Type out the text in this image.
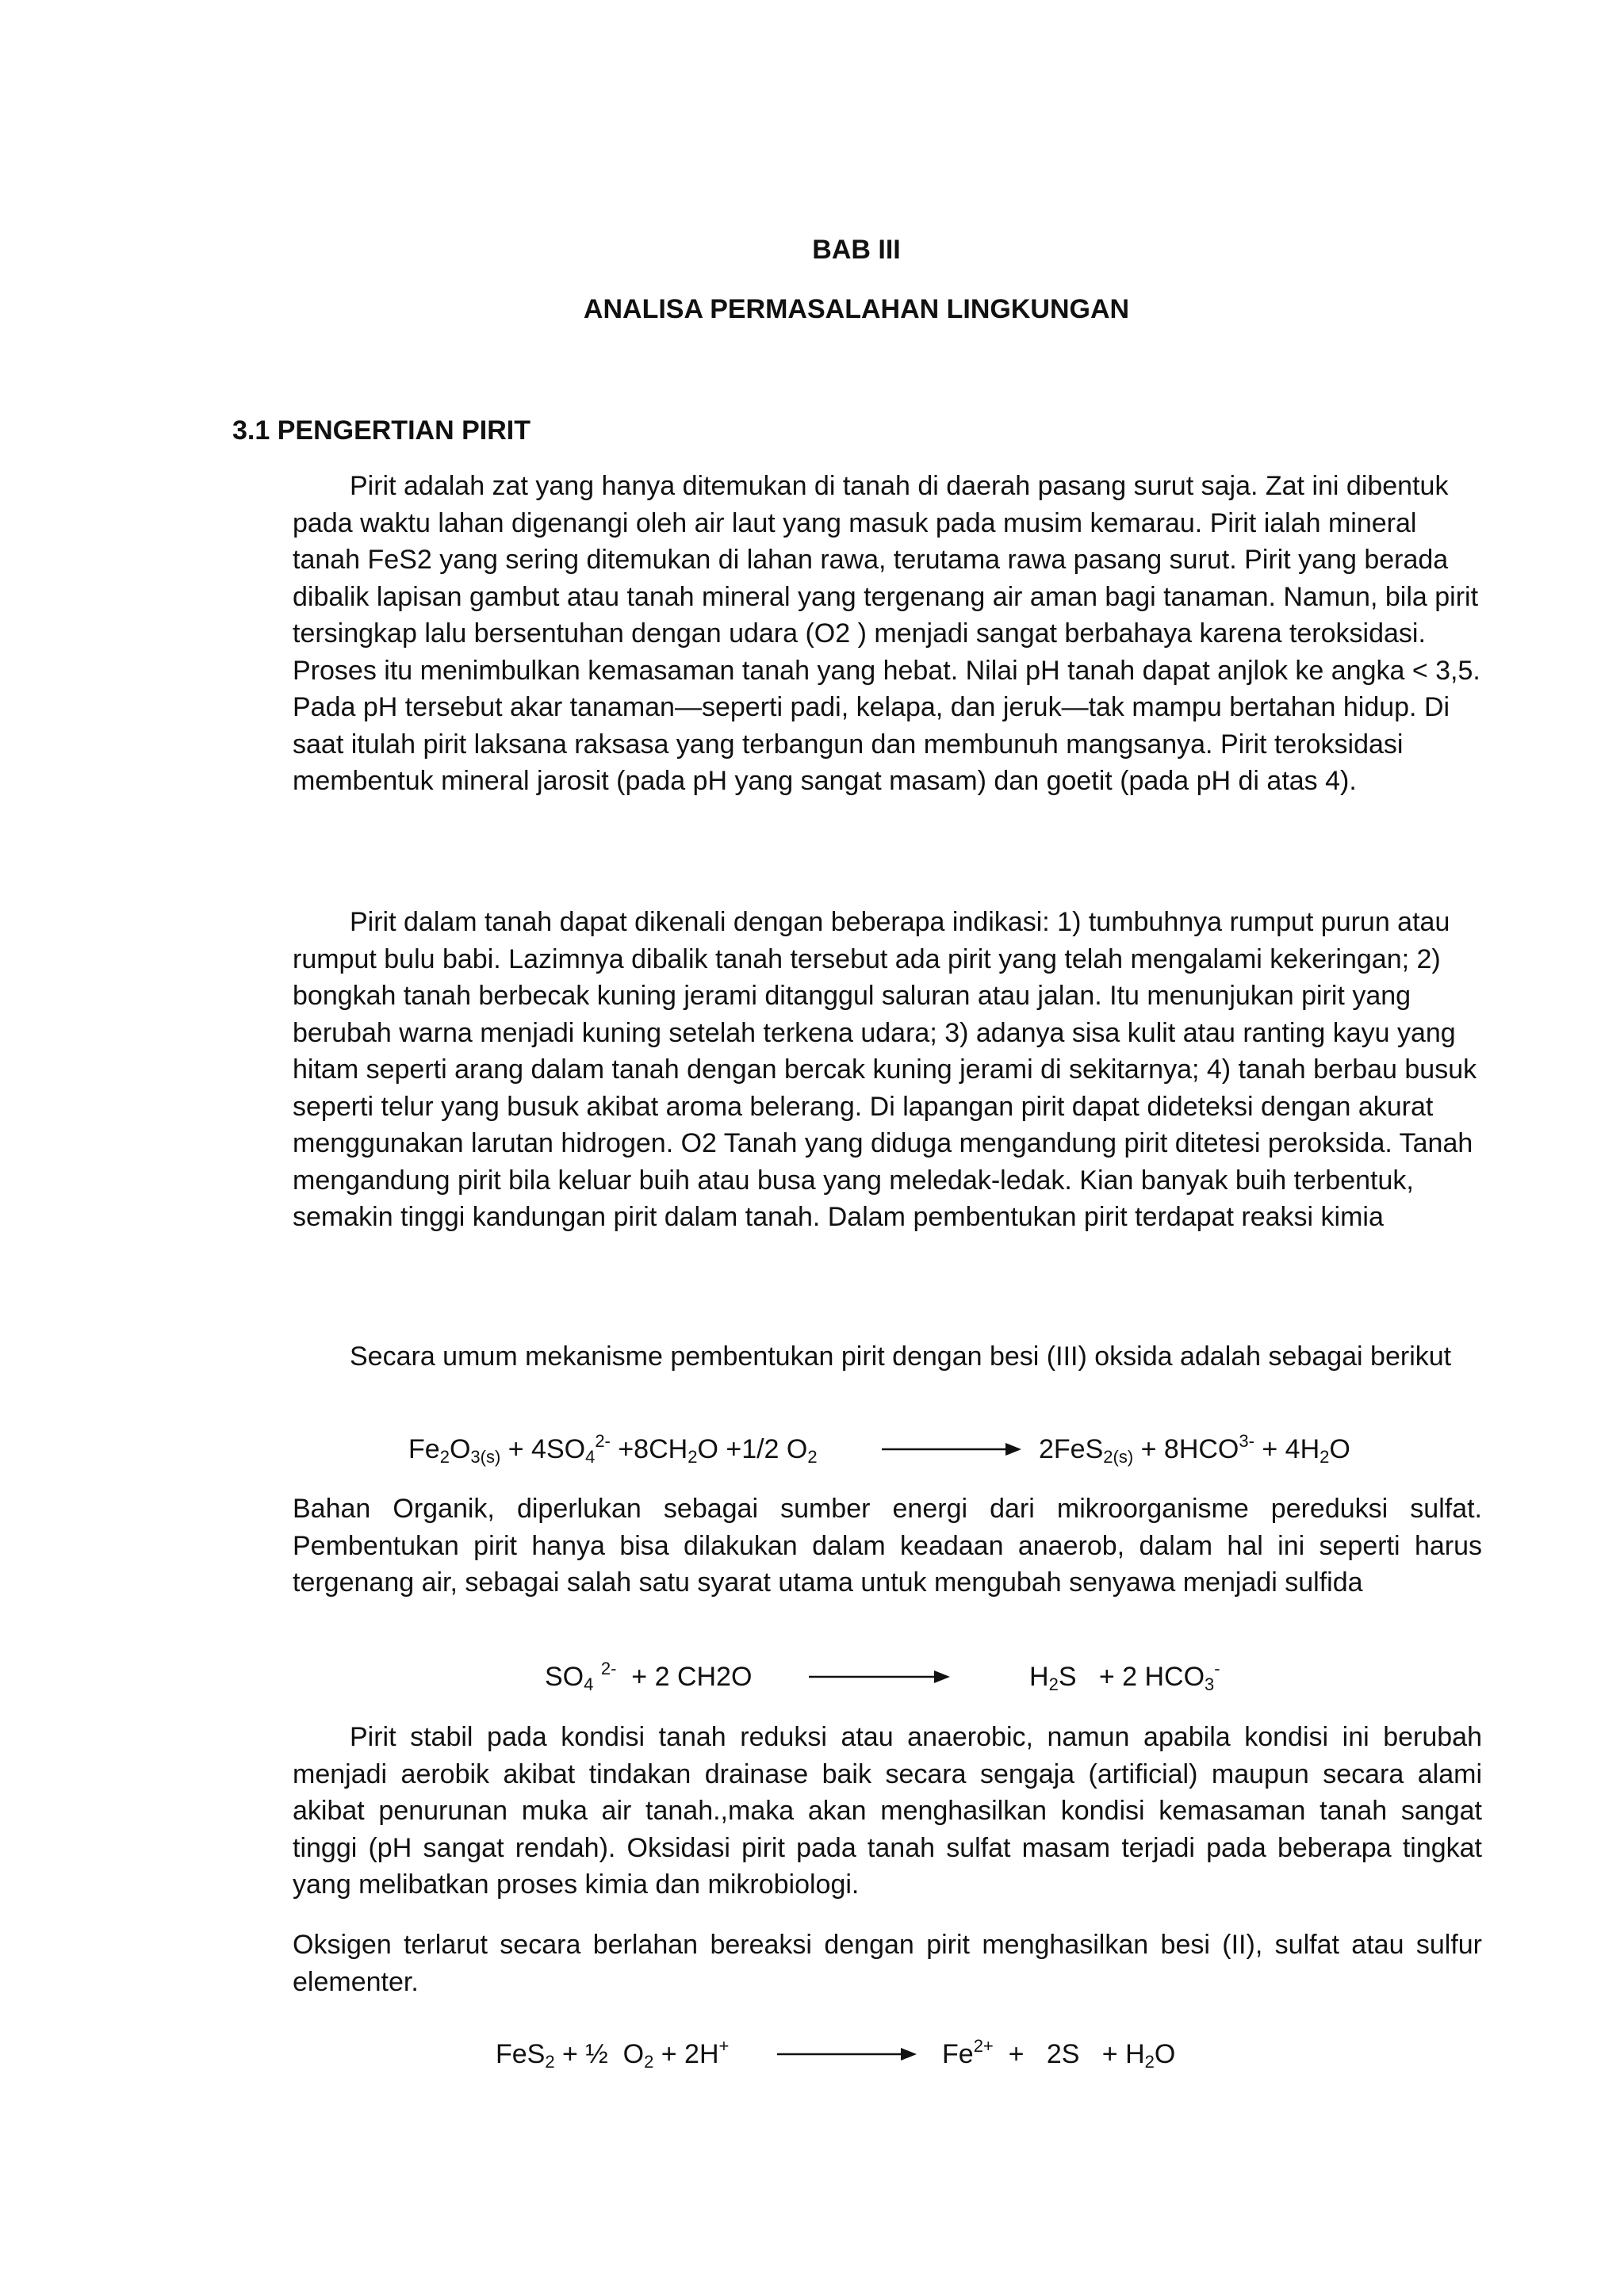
BAB III
ANALISA PERMASALAHAN LINGKUNGAN
3.1 PENGERTIAN PIRIT

Pirit adalah zat yang hanya ditemukan di tanah di daerah pasang surut saja. Zat ini dibentuk pada waktu lahan digenangi oleh air laut yang masuk pada musim kemarau. Pirit ialah mineral tanah FeS2 yang sering ditemukan di lahan rawa, terutama rawa pasang surut. Pirit yang berada dibalik lapisan gambut atau tanah mineral yang tergenang air aman bagi tanaman. Namun, bila pirit tersingkap lalu bersentuhan dengan udara (O2 ) menjadi sangat berbahaya karena teroksidasi. Proses itu menimbulkan kemasaman tanah yang hebat. Nilai pH tanah dapat anjlok ke angka < 3,5. Pada pH tersebut akar tanaman—seperti padi, kelapa, dan jeruk—tak mampu bertahan hidup. Di saat itulah pirit laksana raksasa yang terbangun dan membunuh mangsanya. Pirit teroksidasi membentuk mineral jarosit (pada pH yang sangat masam) dan goetit (pada pH di atas 4).

Pirit dalam tanah dapat dikenali dengan beberapa indikasi: 1) tumbuhnya rumput purun atau rumput bulu babi. Lazimnya dibalik tanah tersebut ada pirit yang telah mengalami kekeringan; 2) bongkah tanah berbecak kuning jerami ditanggul saluran atau jalan. Itu menunjukan pirit yang berubah warna menjadi kuning setelah terkena udara; 3) adanya sisa kulit atau ranting kayu yang hitam seperti arang dalam tanah dengan bercak kuning jerami di sekitarnya; 4) tanah berbau busuk seperti telur yang busuk akibat aroma belerang. Di lapangan pirit dapat dideteksi dengan akurat menggunakan larutan hidrogen. O2 Tanah yang diduga mengandung pirit ditetesi peroksida. Tanah mengandung pirit bila keluar buih atau busa yang meledak-ledak. Kian banyak buih terbentuk, semakin tinggi kandungan pirit dalam tanah. Dalam pembentukan pirit terdapat reaksi kimia

Secara umum mekanisme pembentukan pirit dengan besi (III) oksida adalah sebagai berikut

$Fe_2O_{3(s)} + 4SO_4^{2-} +8CH_2O +1/2$ $O_2$	$2FeS_{2(s)} + 8HCO^{3-} + 4H_2O$

Bahan Organik, diperlukan sebagai sumber energi dari mikroorganisme pereduksi sulfat. Pembentukan pirit hanya bisa dilakukan dalam keadaan anaerob, dalam hal ini seperti harus tergenang air, sebagai salah satu syarat utama untuk mengubah senyawa menjadi sulfida

$SO_4$ $^{2-}$  + 2 CH2O	$H_2S + 2$ $HCO_3^-$

Pirit stabil pada kondisi tanah reduksi atau anaerobic, namun apabila kondisi ini berubah menjadi aerobik akibat tindakan drainase baik secara sengaja (artificial) maupun secara alami akibat penurunan muka air tanah.,maka akan menghasilkan kondisi kemasaman tanah sangat tinggi (pH sangat rendah). Oksidasi pirit pada tanah sulfat masam terjadi pada beberapa tingkat yang melibatkan proses kimia dan mikrobiologi.

Oksigen terlarut secara berlahan bereaksi dengan pirit menghasilkan besi (II), sulfat atau sulfur elementer.

FeS$_2$ + ½  $O_2 + 2H^+$	$Fe^{2+} + 2S + H_2O$
